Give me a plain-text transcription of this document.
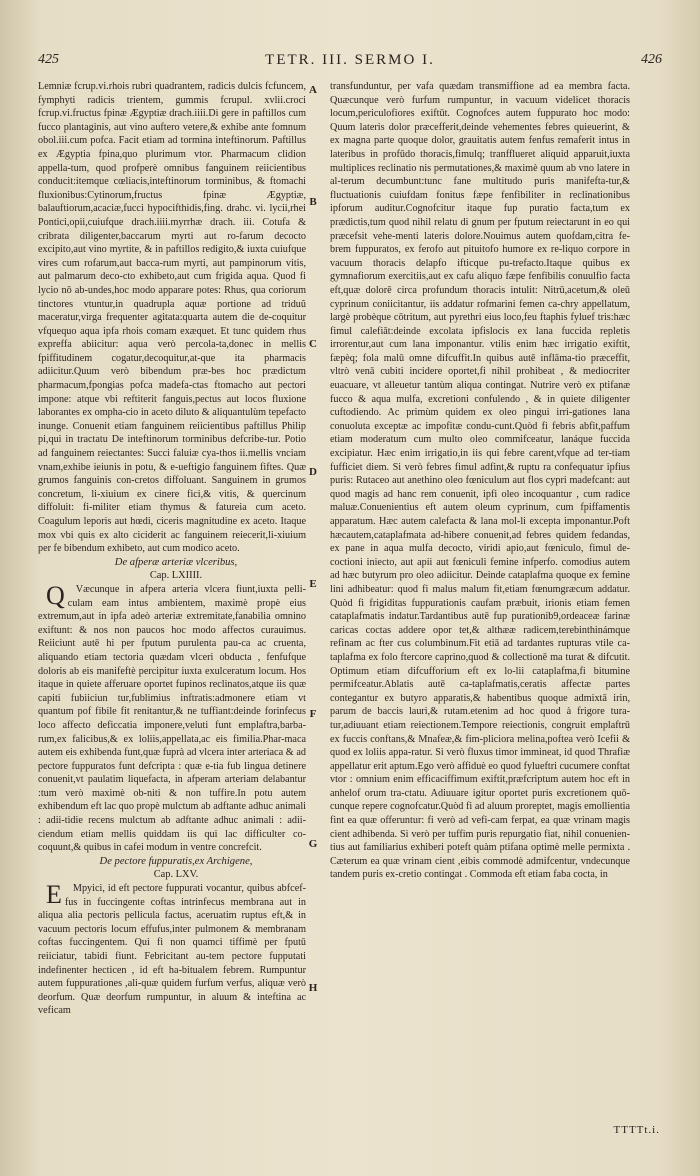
425	TETR. III. SERMO I.	426

Lemniæ fcrup.vi.rhois rubri quadrantem, radicis dulcis fcfuncem, fymphyti radicis trientem, gummis fcrupul. xvlii.croci fcrup.vi.fructus fpinæ Ægyptiæ drach.iiii.Di gere in paftillos cum fucco plantaginis, aut vino auftero vetere,& exhibe ante fomnum obol.iii.cum pofca. Facit etiam ad tormina inteftinorum. Paftillus ex Ægyptia fpina,quo plurimum vtor. Pharmacum clidion appella-tum, quod profperè omnibus fanguinem reiicientibus conducit:itemque cœliacis,inteftinorum torminibus, & ftomachi fluxionibus:Cytinorum,fructus fpinæ Ægyptiæ, balauftiorum,acaciæ,fucci hypocifthidis,fing. drahc. vi. lycii,rhei Pontici,opii,cuiufque drach.iiii.myrrhæ drach. iii. Cotufa & cribrata diligenter,baccarum myrti aut ro-farum decocto excipito,aut vino myrtite, & in paftillos redigito,& iuxta cuiufque vires cum rofarum,aut bacca-rum myrti, aut pampinorum vitis, aut palmarum deco-cto exhibeto,aut cum frigida aqua. Quod fi lycio nō ab-undes,hoc modo apparare potes: Rhus, qua coriorum tinctores vtuntur,in quadrupla aquæ portione ad triduũ maceratur,virga frequenter agitata:quarta autem die de-coquitur vfquequo aqua ipfa rhois comam exæquet. Et tunc quidem rhus expreffa abiicitur: aqua verò percola-ta,donec in mellis fpiffitudinem cogatur,decoquitur,at-que ita pharmacis adiicitur.Quum verò bibendum præ-bes hoc prædictum pharmacum,fpongias pofca madefa-ctas ftomacho aut pectori impone: atque vbi reftiterit fanguis,pectus aut locos fluxione laborantes ex ompha-cio in aceto diluto & aliquantulùm tepefacto inunge. Conuenit etiam fanguinem reiicientibus paftillus Philip pi,qui in tractatu De inteftinorum torminibus defcribe-tur. Potio ad fanguinem reiectantes: Succi faluiæ cya-thos ii.mellis vnciam vnam,exhibe ieiunis in potu, & e-ueftigio fanguinem fiftes. Quæ grumos fanguinis con-cretos diffoluant. Sanguinem in grumos concretum, li-xiuium ex cinere fici,& vitis, & quercinum diffoluit: fi-militer etiam thymus & fatureia cum aceto. Coagulum leporis aut hœdi, ciceris magnitudine ex aceto. Itaque mox vbi quis ex alto ciciderit ac fanguinem reiecerit,li-xiuium per fe bibendum exhibeto, aut cum modico aceto.

De afperæ arteriæ vlceribus,

Cap. LXIIII.

QVæcunque in afpera arteria vlcera fiunt,iuxta pelli-culam eam intus ambientem, maximè propè eius extremum,aut in ipfa adeò arteriæ extremitate,fanabilia omnino exiftunt: & nos non paucos hoc modo affectos curauimus. Reiiciunt autē hi per fputum purulenta pau-ca ac cruenta, aliquando etiam tectoria quædam vlceri obducta , fenfufque doloris ab eis manifeftè percipitur iuxta exulceratum locum. Hos itaque in quiete afferuare oportet fupinos reclinatos,atque iis quæ capiti fubiiciun tur,fublimius inftratis:admonere etiam vt quantum pof fibile fit renitantur,& ne tuffiant:deinde forinfecus loco affecto deficcatia imponere,veluti funt emplaftra,barba-rum,ex falicibus,& ex loliis,appellata,ac eis fimilia.Phar-maca autem eis exhibenda funt,quæ fuprà ad vlcera inter arteriaca & ad pectore fuppuratos funt defcripta : quæ e-tia fub lingua detinere conuenit,vt paulatim liquefacta, in afperam arteriam delabantur :tum verò maximè ob-niti & non tuffire.In potu autem exhibendum eft lac quo propè mulctum ab adftante adhuc animali : adii-tidie recens mulctum ab adftante adhuc animali : adii-ciendum etiam mellis quiddam iis qui lac difficulter co-coquunt,& quibus in cafei modum in ventre concrefcit.

De pectore fuppuratis,ex Archigene,

Cap. LXV.

EMpyici, id eft pectore fuppurati vocantur, quibus abfcef-fus in fuccingente coftas intrinfecus membrana aut in aliqua alia pectoris pellicula factus, aceruatim ruptus eft,& in vacuum pectoris locum effufus,inter pulmonem & membranam coftas fuccingentem. Qui fi non quamci tiffimè per fputū reiiciatur, tabidi fiunt. Febricitant au-tem pectore fupputati indefinenter hecticen , id eft ha-bitualem febrem. Rumpuntur autem fuppurationes ,ali-quæ quidem furfum verfus, aliquæ verò deorfum. Quæ deorfum rumpuntur, in aluum & inteftina ac veficam

transfunduntur, per vafa quædam transmiffione ad ea membra facta. Quæcunque verò furfum rumpuntur, in vacuum videlicet thoracis locum,periculofiores exiftūt. Cognofces autem fuppurato hoc modo: Quum lateris dolor præcefferit,deinde vehementes febres quieuerint, & ex magna parte quoque dolor, grauitatis autem fenfus remaferit intus in lateribus in profūdo thoracis,fimulq; tranfflueret aliquid apparuit,iuxta multiplices reclinatio nis permutationes,& maximè quum ab vno latere in al-terum decumbunt:tunc fane multitudo puris manifefta-tur,& fluctuationis cuiufdam fonitus fæpe fenfibiliter in reclinationibus ipforum auditur.Cognofcitur itaque fup puratio facta,tum ex prædictis,tum quod nihil relatu di gnum per fputum reiectarunt in eo qui præcefsit vehe-menti lateris dolore.Nouimus autem quofdam,citra fe-brem fuppuratos, ex ferofo aut pituitofo humore ex re-liquo corpore in vacuum thoracis delapfo ifticque pu-trefacto.Itaque quibus ex gymnafiorum exercitiis,aut ex cafu aliquo fæpe fenfibilis conuulfio facta eft,quæ dolorē circa profundum thoracis intulit: Nitrū,acetum,& oleū cyprinum coniicitantur, iis addatur rofmarini femen ca-chry appellatum, largè probèque cōtritum, aut pyrethri eius loco,feu ftaphis fyluef tris:hæc fimul calefiāt:deinde excolata ipfislocis ex lana fuccida repletis irrorentur,aut cum lana imponantur. vtilis enim hæc irrigatio exiftit, fæpèq; fola malū omne difcuffit.In quibus autē inflāma-tio præceffit, vltrò venā cubiti incidere oportet,fi nihil prohibeat , & mediocriter euacuare, vt alleuetur tantùm aliqua contingat. Nutrire verò ex ptifanæ fucco & aqua mulfa, excretioni confulendo , & in quiete diligenter cuftodiendo. Ac primùm quidem ex oleo pingui irri-gationes lana conuoluta exceptæ ac impofitæ condu-cunt.Quòd fi febris abfit,paffum etiam moderatum cum multo oleo commifceatur, lanáque fuccida excipiatur. Hæc enim irrigatio,in iis qui febre carent,vfque ad ter-tiam fufficiet diem. Si verò febres fimul adfint,& ruptu ra confequatur ipfius puris: Rutaceo aut anethino oleo fœniculum aut flos cypri madefcant: aut quod magis ad hanc rem conuenit, ipfi oleo incoquantur , cum radice maluæ.Conuenientius eft autem oleum cyprinum, cum fpiffamentis apparatum. Hæc autem calefacta & lana mol-li excepta imponantur.Poft hæcautem,cataplafmata ad-hibere conuenit,ad febres quidem fedandas, ex pane in aqua mulfa decocto, viridi apio,aut fœniculo, fimul de-coctioni iniecto, aut apii aut fœniculi femine infperfo. comodius autem ad hæc butyrum pro oleo adiicitur. Deinde cataplafma quoque ex femine lini adhibeatur: quod fi malus malum fit,etiam fœnumgræcum addatur. Quòd fi frigiditas fuppurationis caufam præbuit, irionis etiam femen cataplafmatis indatur.Tardantibus autē fup purationib9,ordeaceæ farinæ caricas coctas addere opor tet,& althææ radicem,terebinthinámque refinam ac fter cus columbinum.Fit etiā ad tardantes rupturas vtile ca-taplafma ex folo ftercore caprino,quod & collectionē ma turat & difcutit. Optimum etiam difcufforium eft ex lo-lii cataplafma,fi bitumine permifceatur.Ablatis autē ca-taplafmatis,ceratis affectæ partes contegantur ex butyro apparatis,& habentibus quoque admixtā irin, parum de baccis lauri,& rutam.etenim ad hoc quod à frigore tura-tur,adiuuant etiam reiectionem.Tempore reiectionis, congruit emplaftrū ex fuccis conftans,& Mnafeæ,& fim-pliciora melina,poftea verò Icefii & quod ex loliis appa-ratur. Si verò fluxus timor immineat, id quod Thrafiæ appellatur erit aptum.Ego verò affiduè eo quod fylueftri cucumere conftat vtor : omnium enim efficaciffimum exiftit,præfcriptum autem hoc eft in anhelof orum tra-ctatu. Adiuuare igitur oportet puris excretionem quō-cunque repere cognofcatur.Quòd fi ad aluum proreptet, magis emollientia fint ea quæ offeruntur: fi verò ad vefi-cam ferpat, ea quæ vrinam magis cient adhibenda. Si verò per tuffim puris repurgatio fiat, nihil conuenien-tius aut familiarius exhiberi poteft quàm ptifana optimè melle permixta . Cæterum ea quæ vrinam cient ,eibis commodè admifcentur, vndecunque tandem puris ex-cretio contingat . Commoda eft etiam faba cocta, in

A
B
C
D
E
F
G
H
TTTTt.i.
